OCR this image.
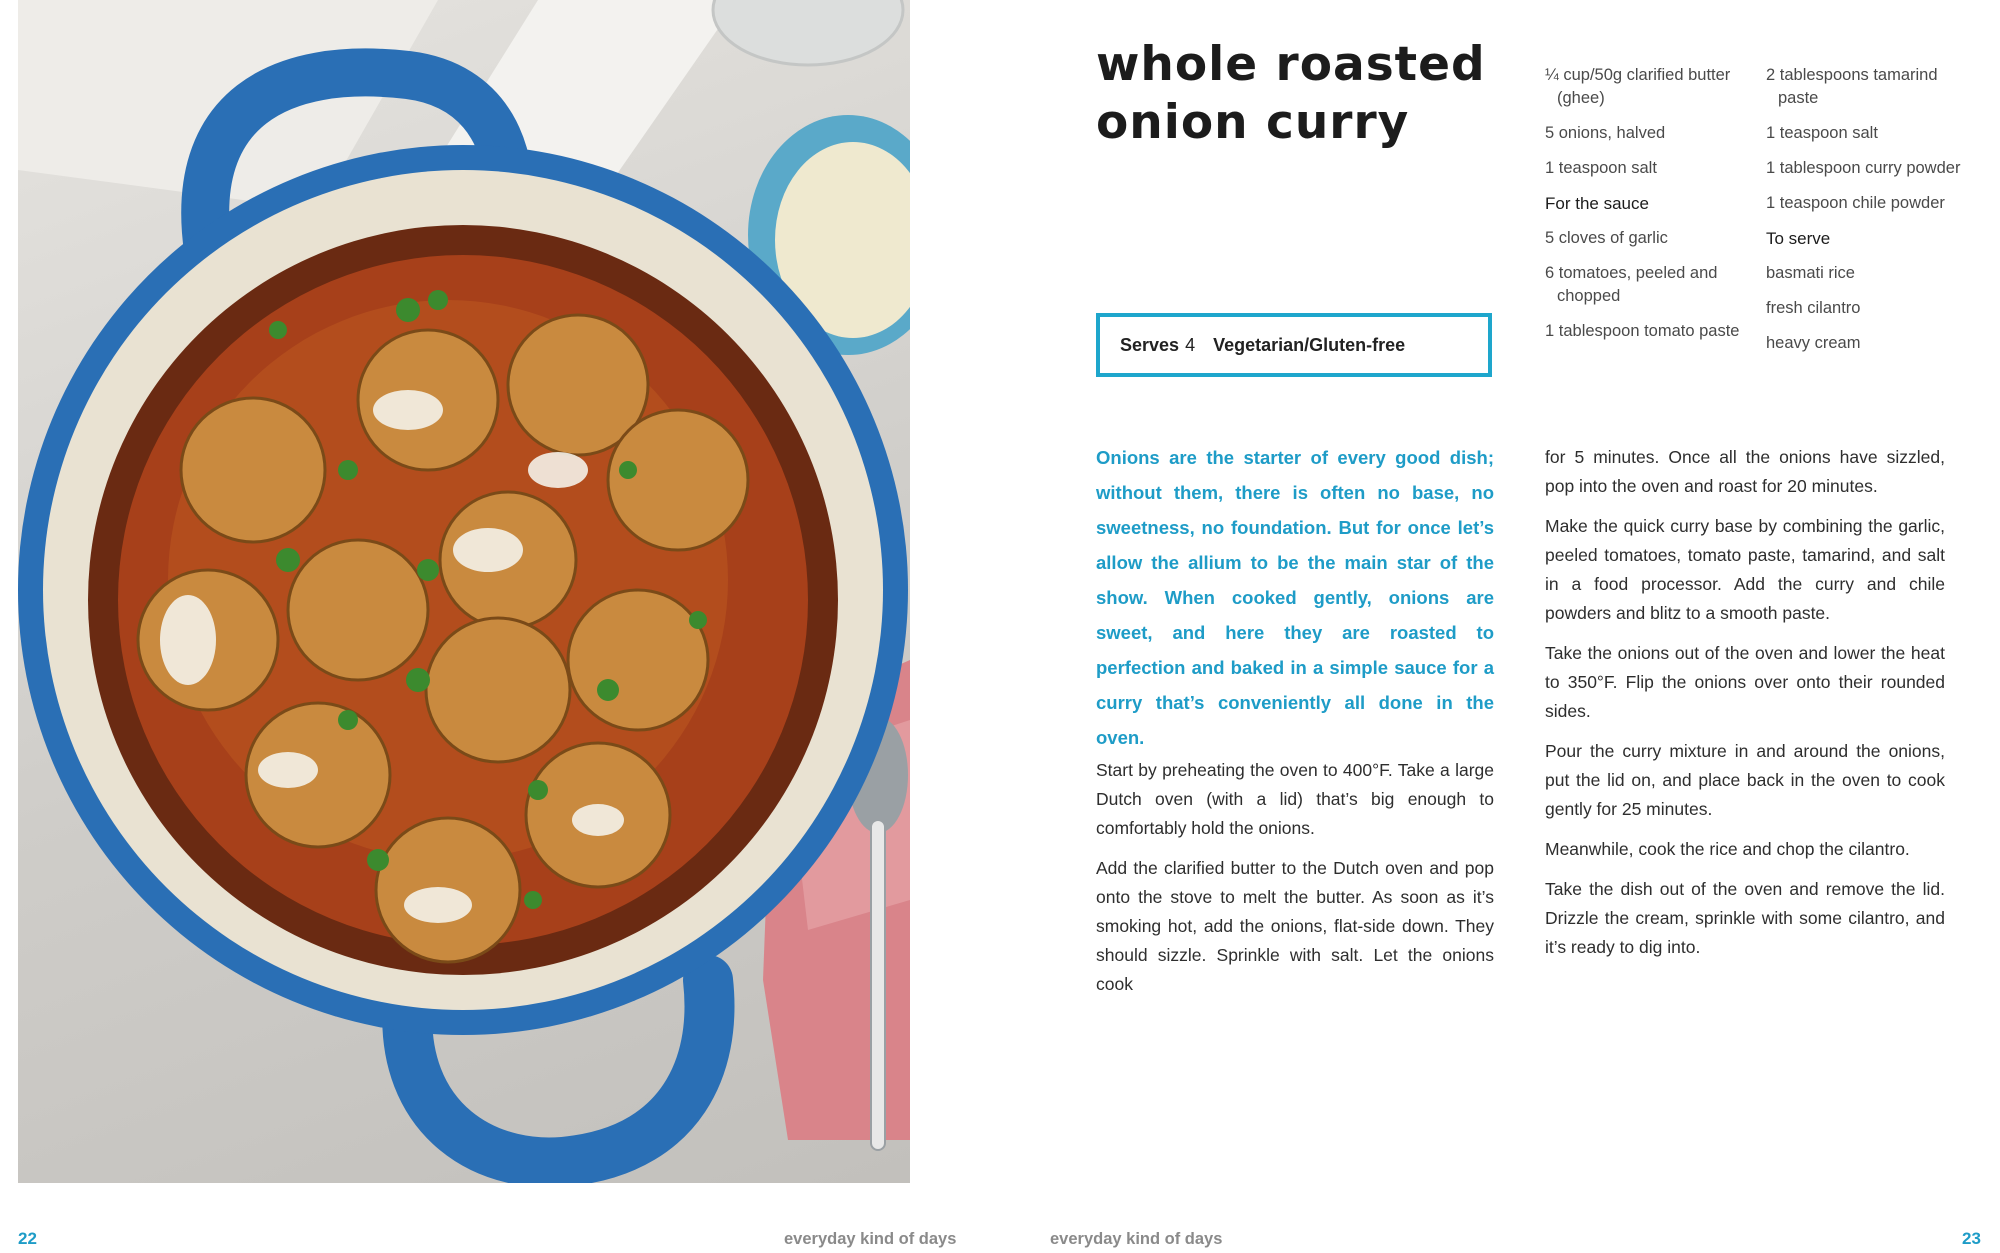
whole roasted
onion curry
Serves 4 Vegetarian/Gluten-free

Onions are the starter of every good dish; without them, there is often no base, no sweetness, no foundation. But for once let’s allow the allium to be the main star of the show. When cooked gently, onions are sweet, and here they are roasted to perfection and baked in a simple sauce for a curry that’s conveniently all done in the oven.

¼ cup/50g clarified butter (ghee)

5 onions, halved

1 teaspoon salt

For the sauce

5 cloves of garlic

6 tomatoes, peeled and chopped

1 tablespoon tomato paste

2 tablespoons tamarind paste

1 teaspoon salt

1 tablespoon curry powder

1 teaspoon chile powder

To serve

basmati rice

fresh cilantro

heavy cream

Start by preheating the oven to 400°F. Take a large Dutch oven (with a lid) that’s big enough to comfortably hold the onions.

Add the clarified butter to the Dutch oven and pop onto the stove to melt the butter. As soon as it’s smoking hot, add the onions, flat-side down. They should sizzle. Sprinkle with salt. Let the onions cook

for 5 minutes. Once all the onions have sizzled, pop into the oven and roast for 20 minutes.

Make the quick curry base by combining the garlic, peeled tomatoes, tomato paste, tamarind, and salt in a food processor. Add the curry and chile powders and blitz to a smooth paste.

Take the onions out of the oven and lower the heat to 350°F. Flip the onions over onto their rounded sides.

Pour the curry mixture in and around the onions, put the lid on, and place back in the oven to cook gently for 25 minutes.

Meanwhile, cook the rice and chop the cilantro.

Take the dish out of the oven and remove the lid. Drizzle the cream, sprinkle with some cilantro, and it’s ready to dig into.

22	everyday kind of days	everyday kind of days	23
